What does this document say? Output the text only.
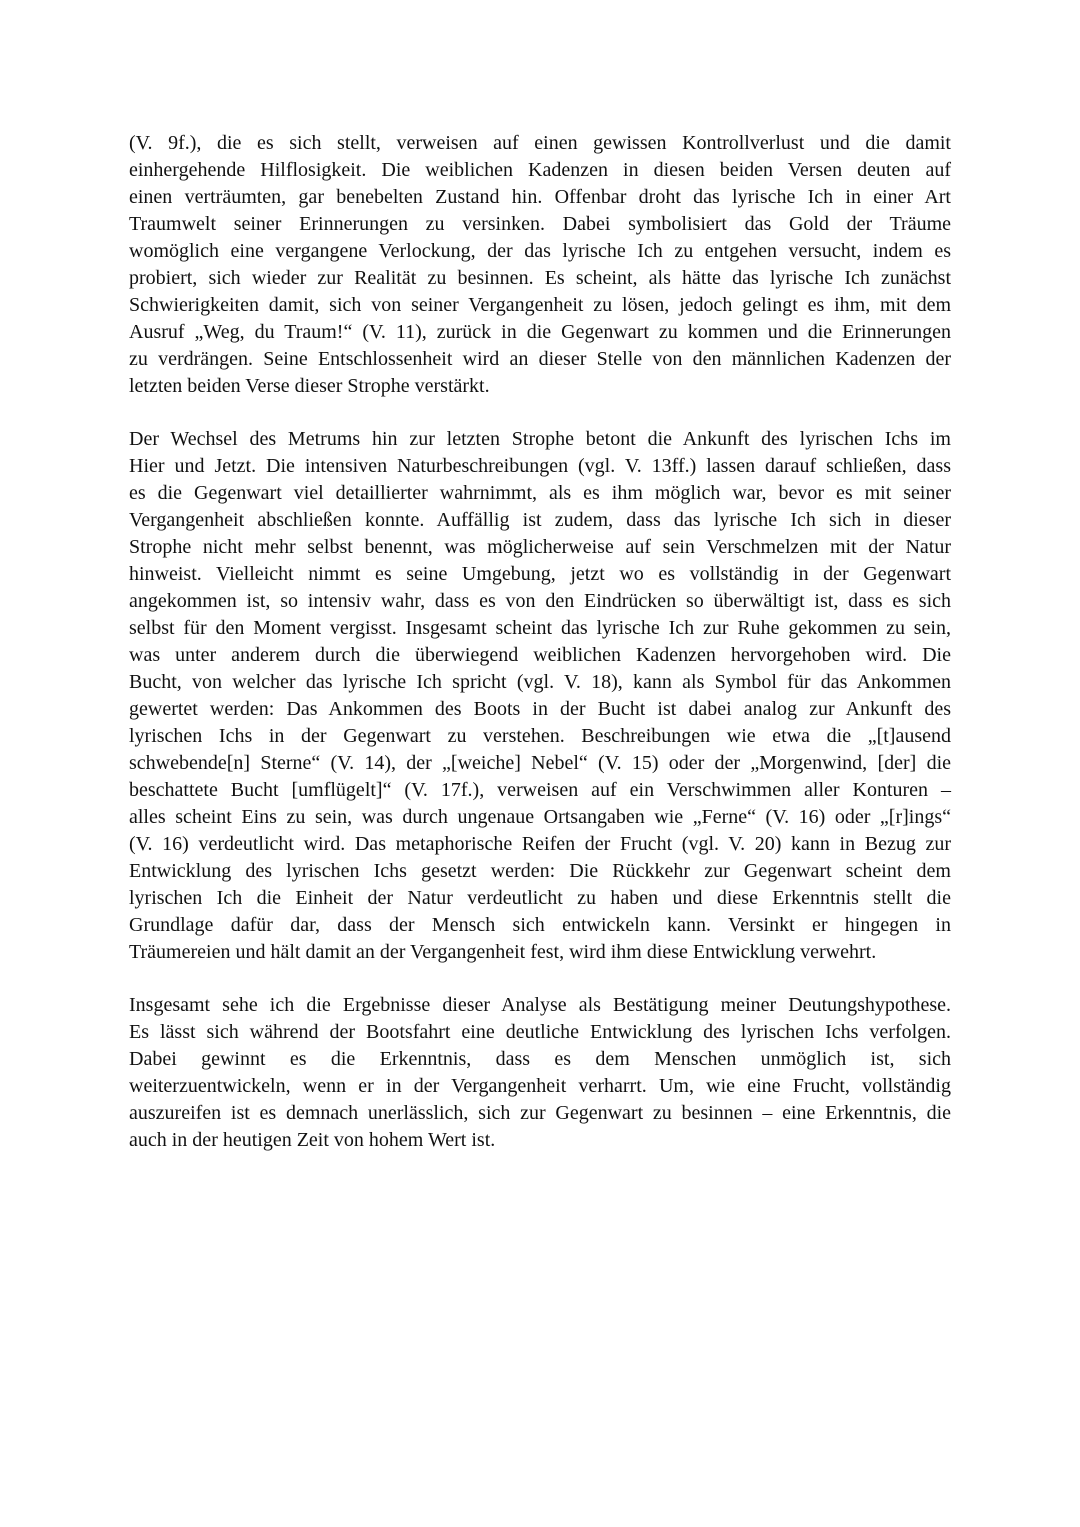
(V. 9f.), die es sich stellt, verweisen auf einen gewissen Kontrollverlust und die damit
einhergehende Hilflosigkeit. Die weiblichen Kadenzen in diesen beiden Versen deuten auf
einen verträumten, gar benebelten Zustand hin. Offenbar droht das lyrische Ich in einer Art
Traumwelt seiner Erinnerungen zu versinken. Dabei symbolisiert das Gold der Träume
womöglich eine vergangene Verlockung, der das lyrische Ich zu entgehen versucht, indem es
probiert, sich wieder zur Realität zu besinnen. Es scheint, als hätte das lyrische Ich zunächst
Schwierigkeiten damit, sich von seiner Vergangenheit zu lösen, jedoch gelingt es ihm, mit dem
Ausruf „Weg, du Traum!“ (V. 11), zurück in die Gegenwart zu kommen und die Erinnerungen
zu verdrängen. Seine Entschlossenheit wird an dieser Stelle von den männlichen Kadenzen der
letzten beiden Verse dieser Strophe verstärkt.
Der Wechsel des Metrums hin zur letzten Strophe betont die Ankunft des lyrischen Ichs im
Hier und Jetzt. Die intensiven Naturbeschreibungen (vgl. V. 13ff.) lassen darauf schließen, dass
es die Gegenwart viel detaillierter wahrnimmt, als es ihm möglich war, bevor es mit seiner
Vergangenheit abschließen konnte. Auffällig ist zudem, dass das lyrische Ich sich in dieser
Strophe nicht mehr selbst benennt, was möglicherweise auf sein Verschmelzen mit der Natur
hinweist. Vielleicht nimmt es seine Umgebung, jetzt wo es vollständig in der Gegenwart
angekommen ist, so intensiv wahr, dass es von den Eindrücken so überwältigt ist, dass es sich
selbst für den Moment vergisst. Insgesamt scheint das lyrische Ich zur Ruhe gekommen zu sein,
was unter anderem durch die überwiegend weiblichen Kadenzen hervorgehoben wird. Die
Bucht, von welcher das lyrische Ich spricht (vgl. V. 18), kann als Symbol für das Ankommen
gewertet werden: Das Ankommen des Boots in der Bucht ist dabei analog zur Ankunft des
lyrischen Ichs in der Gegenwart zu verstehen. Beschreibungen wie etwa die „[t]ausend
schwebende[n] Sterne“ (V. 14), der „[weiche] Nebel“ (V. 15) oder der „Morgenwind, [der] die
beschattete Bucht [umflügelt]“ (V. 17f.), verweisen auf ein Verschwimmen aller Konturen –
alles scheint Eins zu sein, was durch ungenaue Ortsangaben wie „Ferne“ (V. 16) oder „[r]ings“
(V. 16) verdeutlicht wird. Das metaphorische Reifen der Frucht (vgl. V. 20) kann in Bezug zur
Entwicklung des lyrischen Ichs gesetzt werden: Die Rückkehr zur Gegenwart scheint dem
lyrischen Ich die Einheit der Natur verdeutlicht zu haben und diese Erkenntnis stellt die
Grundlage dafür dar, dass der Mensch sich entwickeln kann. Versinkt er hingegen in
Träumereien und hält damit an der Vergangenheit fest, wird ihm diese Entwicklung verwehrt.
Insgesamt sehe ich die Ergebnisse dieser Analyse als Bestätigung meiner Deutungshypothese.
Es lässt sich während der Bootsfahrt eine deutliche Entwicklung des lyrischen Ichs verfolgen.
Dabei gewinnt es die Erkenntnis, dass es dem Menschen unmöglich ist, sich
weiterzuentwickeln, wenn er in der Vergangenheit verharrt. Um, wie eine Frucht, vollständig
auszureifen ist es demnach unerlässlich, sich zur Gegenwart zu besinnen – eine Erkenntnis, die
auch in der heutigen Zeit von hohem Wert ist.
